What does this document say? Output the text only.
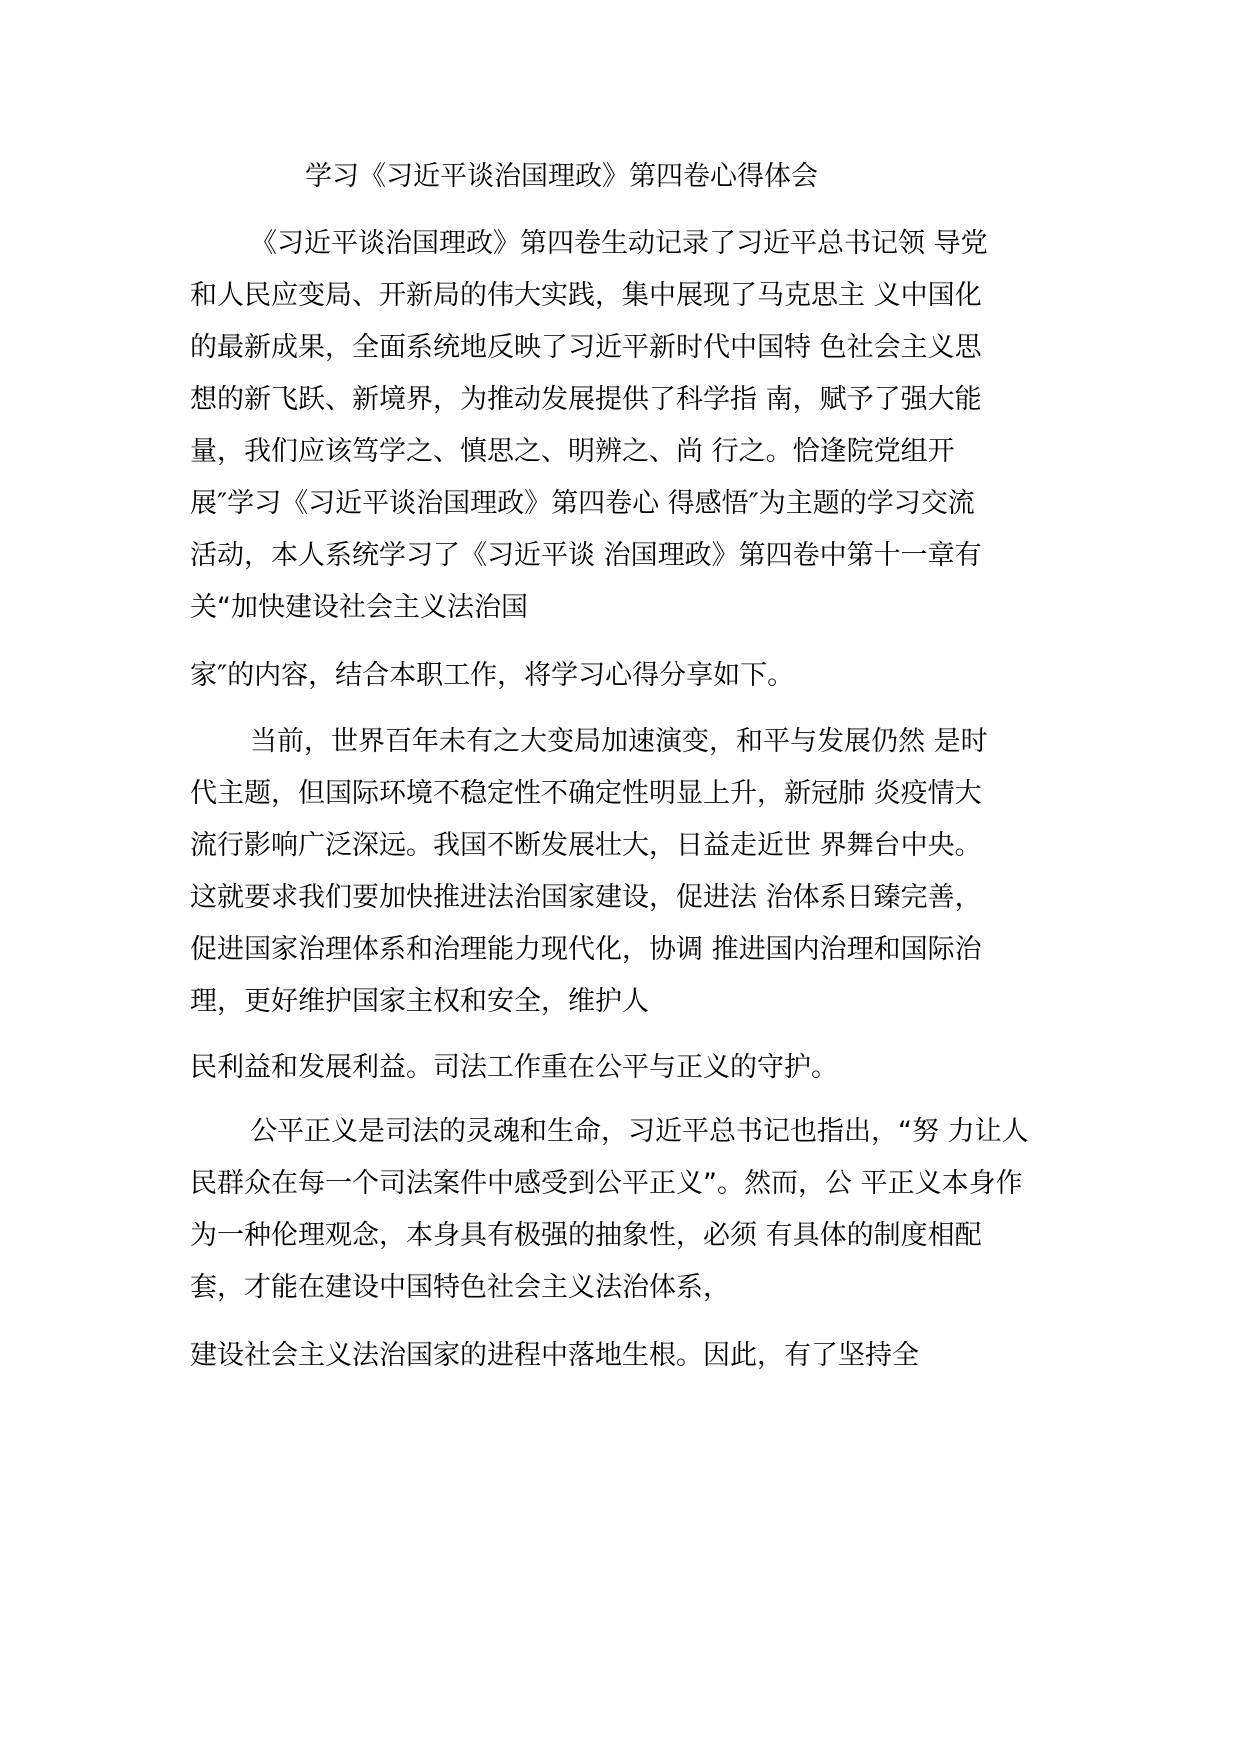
学习《习近平谈治国理政》第四卷心得体会
《习近平谈治国理政》第四卷生动记录了习近平总书记领 导党
和人民应变局、开新局的伟大实践，集中展现了马克思主 义中国化
的最新成果，全面系统地反映了习近平新时代中国特 色社会主义思
想的新飞跃、新境界，为推动发展提供了科学指 南，赋予了强大能
量，我们应该笃学之、慎思之、明辨之、尚 行之。恰逢院党组开
展″学习《习近平谈治国理政》第四卷心 得感悟″为主题的学习交流
活动，本人系统学习了《习近平谈 治国理政》第四卷中第十一章有
关“加快建设社会主义法治国
家″的内容，结合本职工作，将学习心得分享如下。
当前，世界百年未有之大变局加速演变，和平与发展仍然 是时
代主题，但国际环境不稳定性不确定性明显上升，新冠肺 炎疫情大
流行影响广泛深远。我国不断发展壮大，日益走近世 界舞台中央。
这就要求我们要加快推进法治国家建设，促进法 治体系日臻完善，
促进国家治理体系和治理能力现代化，协调 推进国内治理和国际治
理，更好维护国家主权和安全，维护人
民利益和发展利益。司法工作重在公平与正义的守护。
公平正义是司法的灵魂和生命，习近平总书记也指出，“努 力让人
民群众在每一个司法案件中感受到公平正义”。然而，公 平正义本身作
为一种伦理观念，本身具有极强的抽象性，必须 有具体的制度相配
套，才能在建设中国特色社会主义法治体系，
建设社会主义法治国家的进程中落地生根。因此，有了坚持全
